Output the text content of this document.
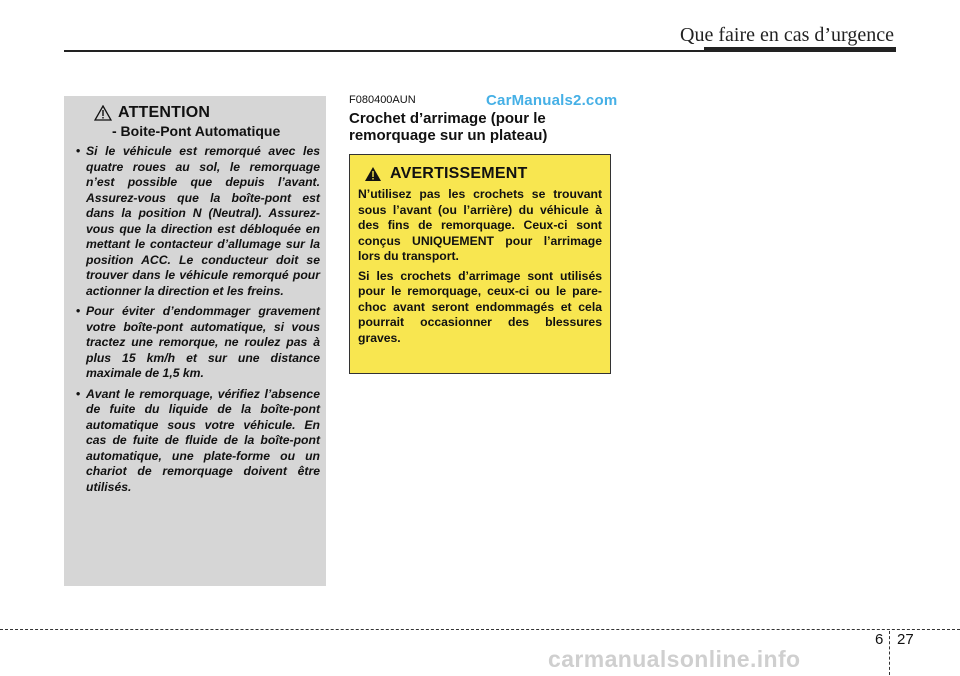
Que faire en cas d’urgence
ATTENTION
- Boite-Pont Automatique
• Si le véhicule est remorqué avec les quatre roues au sol, le remorquage n’est possible que depuis l’avant. Assurez-vous que la boîte-pont est dans la position N (Neutral). Assurez-vous que la direction est débloquée en mettant le contacteur d’allumage sur la position ACC. Le conducteur doit se trouver dans le véhicule remorqué pour actionner la direction et les freins.
• Pour éviter d’endommager gravement votre boîte-pont automatique, si vous tractez une remorque, ne roulez pas à plus 15 km/h et sur une distance maximale de 1,5 km.
• Avant le remorquage, vérifiez l’absence de fuite du liquide de la boîte-pont automatique sous votre véhicule. En cas de fuite de fluide de la boîte-pont automatique, une plate-forme ou un chariot de remorquage doivent être utilisés.
F080400AUN	CarManuals2.com
Crochet d’arrimage (pour le remorquage sur un plateau)
AVERTISSEMENT

N’utilisez pas les crochets se trouvant sous l’avant (ou l’arrière) du véhicule à des fins de remorquage. Ceux-ci sont conçus UNIQUEMENT pour l’arrimage lors du transport.

Si les crochets d’arrimage sont utilisés pour le remorquage, ceux-ci ou le pare-choc avant seront endommagés et cela pourrait occasionner des blessures graves.

6 27
carmanualsonline.info
